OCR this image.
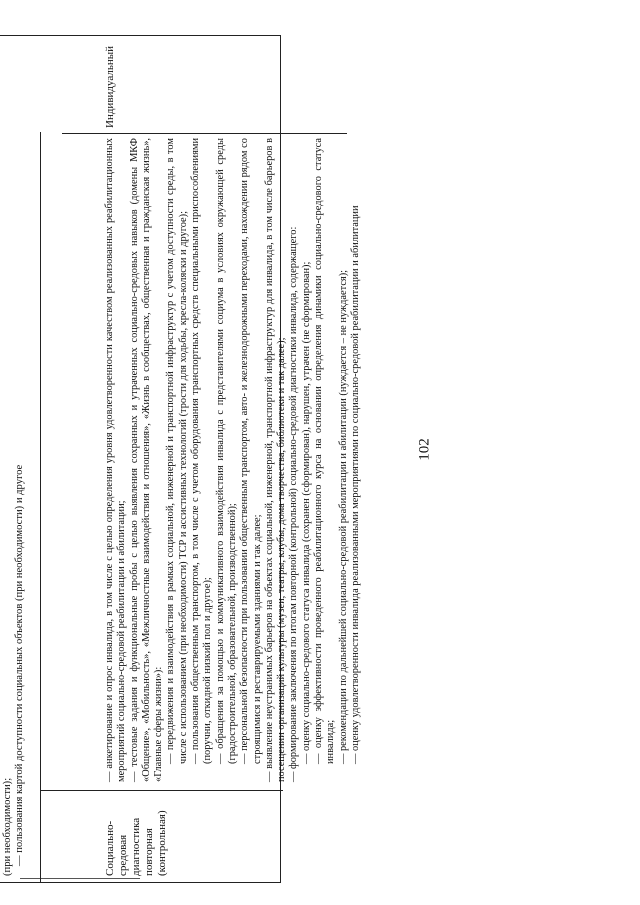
102

(при необходимости); — пользования картой доступности социальных объектов (при необходимости) и другое	Социально-средовая диагностика повторная (контрольная)
Индивидуальный

— анкетирование и опрос инвалида, в том числе с целью определения уровня удовлетворенности качеством реализованных реабилитационных мероприятий социально-средовой реабилитации и абилитации; — тестовые задания и функциональные пробы с целью выявления сохранных и утраченных социально-средовых навыков (домены МКФ «Общение», «Мобильность», «Межличностные взаимодействия и отношения», «Жизнь в сообществах, общественная и гражданская жизнь», «Главные сферы жизни»): — передвижения и взаимодействия в рамках социальной, инженерной и транспортной инфраструктур с учетом доступности среды, в том числе с использованием (при необходимости) ТСР и ассистивных технологий (трости для ходьбы, кресла-коляски и другое); — пользования общественным транспортом, в том числе с учетом оборудования транспортных средств специальными приспособлениями (поручни, откидной низкий пол и другое); — обращения за помощью и коммуникативного взаимодействия инвалида с представителями социума в условиях окружающей среды (градостроительной, образовательной, производственной); — персональной безопасности при пользовании общественным транспортом, авто- и железнодорожными переходами, нахождении рядом со строящимися и реставрируемыми зданиями и так далее; — выявление неустранимых барьеров на объектах социальной, инженерной, транспортной инфраструктур для инвалида, в том числе барьеров в посещении организаций культуры (музеи, театры, клубы, дома творчества, библиотеки и так далее); — формирование заключения по итогам повторной (контрольной) социально-средовой диагностики инвалида, содержащего: — оценку социально-средового статуса инвалида (сохранен (сформирован), нарушен, утрачен (не сформирован); — оценку эффективности проведенного реабилитационного курса на основании определения динамики социально-средового статуса инвалида; — рекомендации по дальнейшей социально-средовой реабилитации и абилитации (нуждается – не нуждается); — оценку удовлетворенности инвалида реализованными мероприятиями по социально-средовой реабилитации и абилитации
